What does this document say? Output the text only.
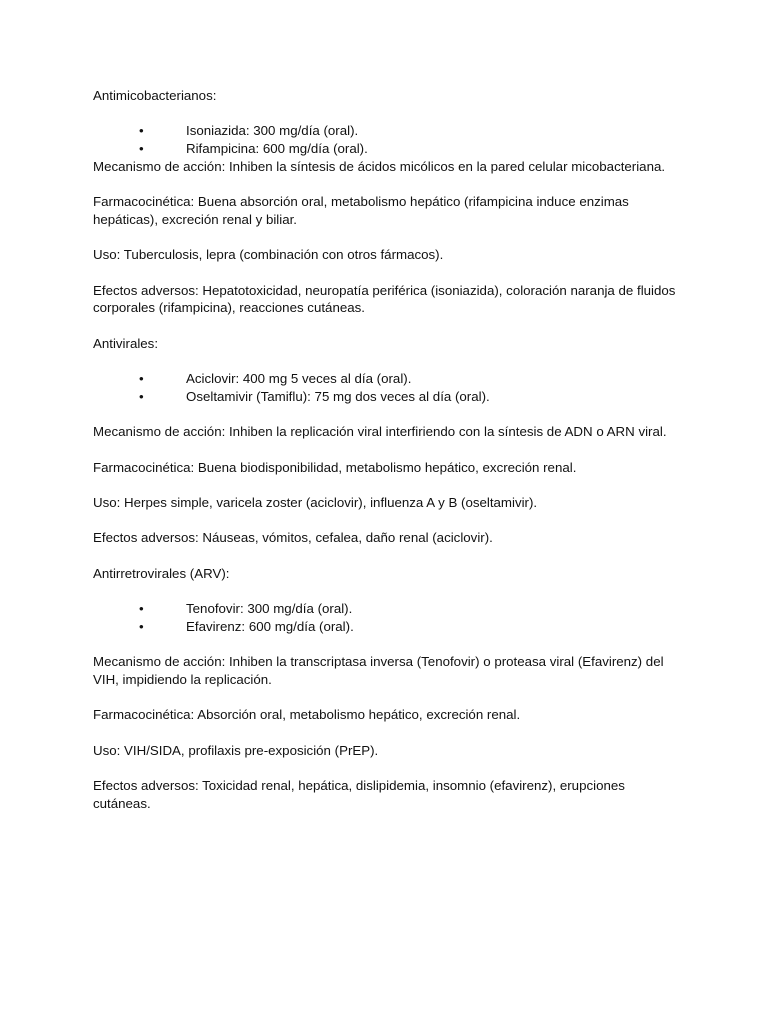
Antimicobacterianos:

•	Isoniazida: 300 mg/día (oral).
•	Rifampicina: 600 mg/día (oral).

Mecanismo de acción: Inhiben la síntesis de ácidos micólicos en la pared celular micobacteriana.

Farmacocinética: Buena absorción oral, metabolismo hepático (rifampicina induce enzimas hepáticas), excreción renal y biliar.

Uso: Tuberculosis, lepra (combinación con otros fármacos).

Efectos adversos: Hepatotoxicidad, neuropatía periférica (isoniazida), coloración naranja de fluidos corporales (rifampicina), reacciones cutáneas.

Antivirales:

•	Aciclovir: 400 mg 5 veces al día (oral).
•	Oseltamivir (Tamiflu): 75 mg dos veces al día (oral).

Mecanismo de acción: Inhiben la replicación viral interfiriendo con la síntesis de ADN o ARN viral.

Farmacocinética: Buena biodisponibilidad, metabolismo hepático, excreción renal.

Uso: Herpes simple, varicela zoster (aciclovir), influenza A y B (oseltamivir).

Efectos adversos: Náuseas, vómitos, cefalea, daño renal (aciclovir).

Antirretrovirales (ARV):

•	Tenofovir: 300 mg/día (oral).
•	Efavirenz: 600 mg/día (oral).

Mecanismo de acción: Inhiben la transcriptasa inversa (Tenofovir) o proteasa viral (Efavirenz) del VIH, impidiendo la replicación.

Farmacocinética: Absorción oral, metabolismo hepático, excreción renal.

Uso: VIH/SIDA, profilaxis pre-exposición (PrEP).

Efectos adversos: Toxicidad renal, hepática, dislipidemia, insomnio (efavirenz), erupciones cutáneas.
